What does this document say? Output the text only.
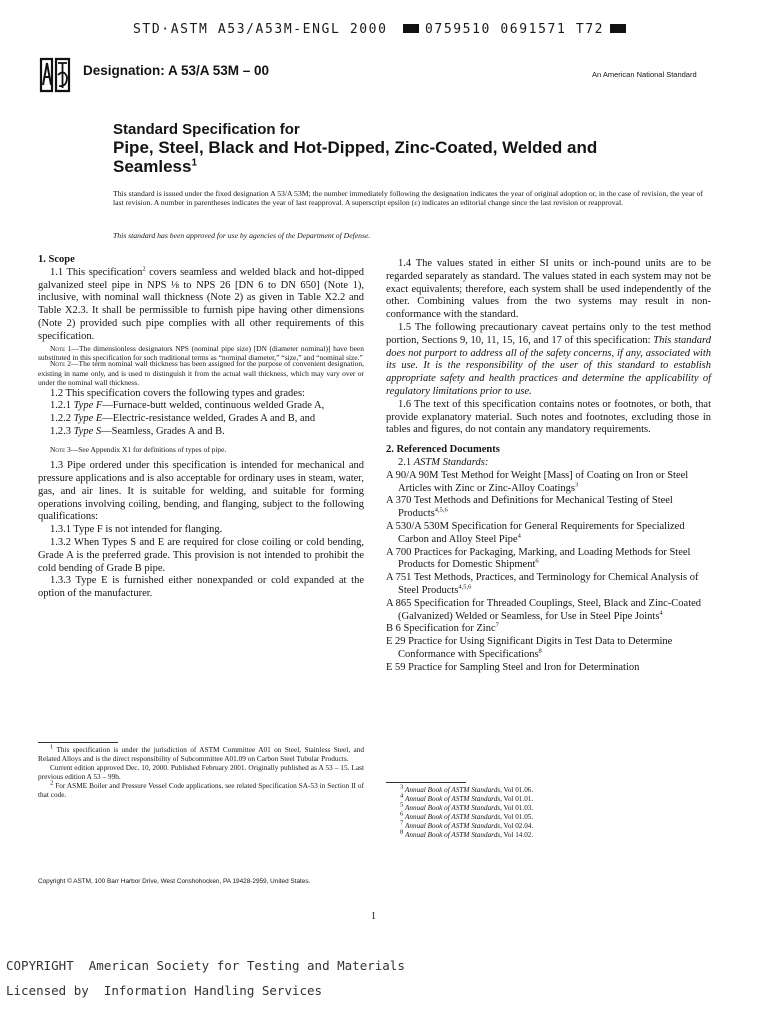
STD·ASTM A53/A53M-ENGL 2000	0759510 0691571 T72
Designation: A 53/A 53M – 00	An American National Standard
Standard Specification for
Pipe, Steel, Black and Hot-Dipped, Zinc-Coated, Welded and Seamless$^1$
This standard is issued under the fixed designation A 53/A 53M; the number immediately following the designation indicates the year of original adoption or, in the case of revision, the year of last revision. A number in parentheses indicates the year of last reapproval. A superscript epsilon (ε) indicates an editorial change since the last revision or reapproval.
This standard has been approved for use by agencies of the Department of Defense.

1. Scope

1.1 This specification$^2$ covers seamless and welded black and hot-dipped galvanized steel pipe in NPS ⅛ to NPS 26 [DN 6 to DN 650] (Note 1), inclusive, with nominal wall thickness (Note 2) as given in Table X2.2 and Table X2.3. It shall be permissible to furnish pipe having other dimensions (Note 2) provided such pipe complies with all other requirements of this specification.

Note 1—The dimensionless designators NPS (nominal pipe size) [DN (diameter nominal)] have been substituted in this specification for such traditional terms as “nominal diameter,” “size,” and “nominal size.”

Note 2—The term nominal wall thickness has been assigned for the purpose of convenient designation, existing in name only, and is used to distinguish it from the actual wall thickness, which may vary over or under the nominal wall thickness.

1.2 This specification covers the following types and grades:

1.2.1 Type F—Furnace-butt welded, continuous welded Grade A,

1.2.2 Type E—Electric-resistance welded, Grades A and B, and

1.2.3 Type S—Seamless, Grades A and B.

Note 3—See Appendix X1 for definitions of types of pipe.

1.3 Pipe ordered under this specification is intended for mechanical and pressure applications and is also acceptable for ordinary uses in steam, water, gas, and air lines. It is suitable for welding, and suitable for forming operations involving coiling, bending, and flanging, subject to the following qualifications:

1.3.1 Type F is not intended for flanging.

1.3.2 When Types S and E are required for close coiling or cold bending, Grade A is the preferred grade. This provision is not intended to prohibit the cold bending of Grade B pipe.

1.3.3 Type E is furnished either nonexpanded or cold expanded at the option of the manufacturer.

1.4 The values stated in either SI units or inch-pound units are to be regarded separately as standard. The values stated in each system may not be exact equivalents; therefore, each system shall be used independently of the other. Combining values from the two systems may result in non-conformance with the standard.

1.5 The following precautionary caveat pertains only to the test method portion, Sections 9, 10, 11, 15, 16, and 17 of this specification: This standard does not purport to address all of the safety concerns, if any, associated with its use. It is the responsibility of the user of this standard to establish appropriate safety and health practices and determine the applicability of regulatory limitations prior to use.

1.6 The text of this specification contains notes or footnotes, or both, that provide explanatory material. Such notes and footnotes, excluding those in tables and figures, do not contain any mandatory requirements.

2. Referenced Documents

2.1 ASTM Standards:

A 90/A 90M Test Method for Weight [Mass] of Coating on Iron or Steel Articles with Zinc or Zinc-Alloy Coatings$^3$

A 370 Test Methods and Definitions for Mechanical Testing of Steel Products$^{4,5,6}$

A 530/A 530M Specification for General Requirements for Specialized Carbon and Alloy Steel Pipe$^4$

A 700 Practices for Packaging, Marking, and Loading Methods for Steel Products for Domestic Shipment$^6$

A 751 Test Methods, Practices, and Terminology for Chemical Analysis of Steel Products$^{4,5,6}$

A 865 Specification for Threaded Couplings, Steel, Black and Zinc-Coated (Galvanized) Welded or Seamless, for Use in Steel Pipe Joints$^4$

B 6 Specification for Zinc$^7$

E 29 Practice for Using Significant Digits in Test Data to Determine Conformance with Specifications$^8$

E 59 Practice for Sampling Steel and Iron for Determination

$^1$ This specification is under the jurisdiction of ASTM Committee A01 on Steel, Stainless Steel, and Related Alloys and is the direct responsibility of Subcommittee A01.09 on Carbon Steel Tubular Products.

Current edition approved Dec. 10, 2000. Published February 2001. Originally published as A 53 – 15. Last previous edition A 53 – 99b.

$^2$ For ASME Boiler and Pressure Vessel Code applications, see related Specification SA-53 in Section II of that code.

$^3$ Annual Book of ASTM Standards, Vol 01.06.

$^4$ Annual Book of ASTM Standards, Vol 01.01.

$^5$ Annual Book of ASTM Standards, Vol 01.03.

$^6$ Annual Book of ASTM Standards, Vol 01.05.

$^7$ Annual Book of ASTM Standards, Vol 02.04.

$^8$ Annual Book of ASTM Standards, Vol 14.02.

Copyright © ASTM, 100 Barr Harbor Drive, West Conshohocken, PA 19428-2959, United States.
1
COPYRIGHT  American Society for Testing and Materials
Licensed by  Information Handling Services
